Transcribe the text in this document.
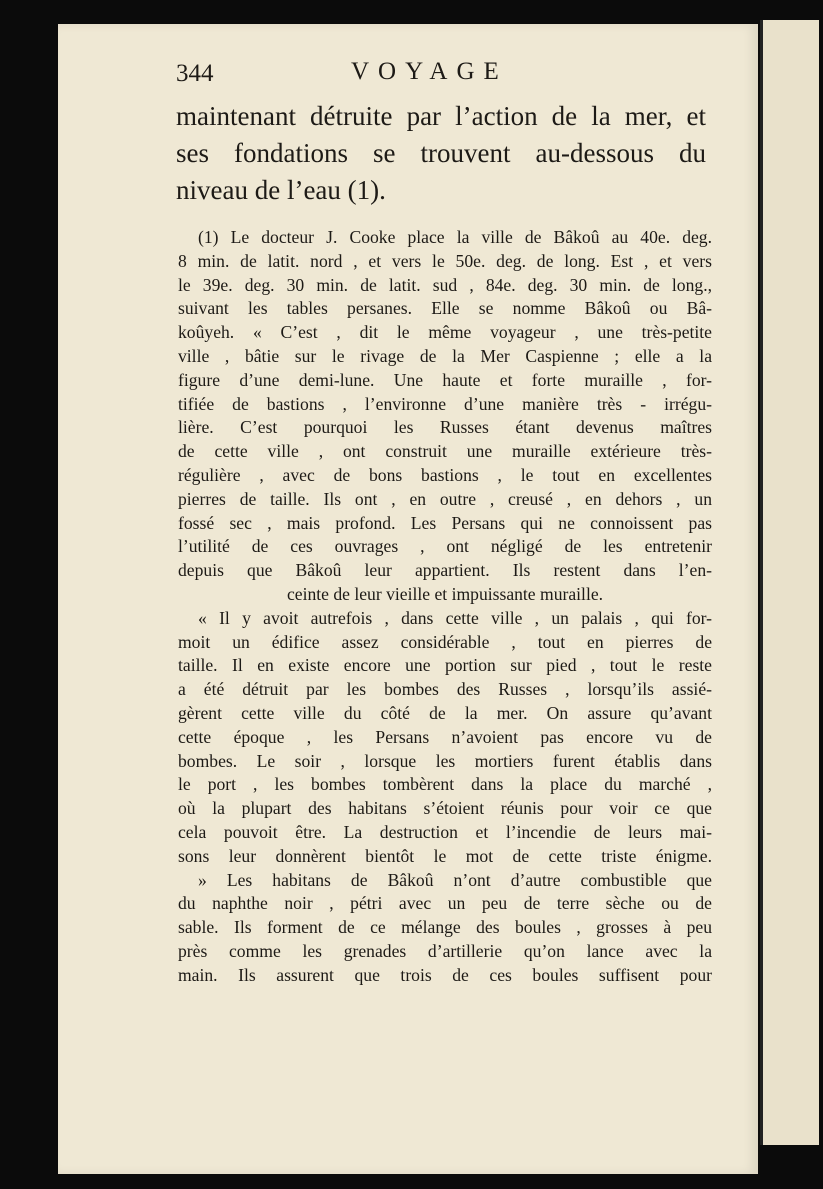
344	VOYAGE
maintenant détruite par l’action de la mer, et
ses fondations se trouvent au-dessous du
niveau de l’eau (1).
(1) Le docteur J. Cooke place la ville de Bâkoû au 40e. deg.
8 min. de latit. nord , et vers le 50e. deg. de long. Est , et vers
le 39e. deg. 30 min. de latit. sud , 84e. deg. 30 min. de long.,
suivant les tables persanes. Elle se nomme Bâkoû ou Bâ-
koûyeh. « C’est , dit le même voyageur , une très-petite
ville , bâtie sur le rivage de la Mer Caspienne ; elle a la
figure d’une demi-lune. Une haute et forte muraille , for-
tifiée de bastions , l’environne d’une manière très - irrégu-
lière. C’est pourquoi les Russes étant devenus maîtres
de cette ville , ont construit une muraille extérieure très-
régulière , avec de bons bastions , le tout en excellentes
pierres de taille. Ils ont , en outre , creusé , en dehors , un
fossé sec , mais profond. Les Persans qui ne connoissent pas
l’utilité de ces ouvrages , ont négligé de les entretenir
depuis que Bâkoû leur appartient. Ils restent dans l’en-
ceinte de leur vieille et impuissante muraille.
« Il y avoit autrefois , dans cette ville , un palais , qui for-
moit un édifice assez considérable , tout en pierres de
taille. Il en existe encore une portion sur pied , tout le reste
a été détruit par les bombes des Russes , lorsqu’ils assié-
gèrent cette ville du côté de la mer. On assure qu’avant
cette époque , les Persans n’avoient pas encore vu de
bombes. Le soir , lorsque les mortiers furent établis dans
le port , les bombes tombèrent dans la place du marché ,
où la plupart des habitans s’étoient réunis pour voir ce que
cela pouvoit être. La destruction et l’incendie de leurs mai-
sons leur donnèrent bientôt le mot de cette triste énigme.
» Les habitans de Bâkoû n’ont d’autre combustible que
du naphthe noir , pétri avec un peu de terre sèche ou de
sable. Ils forment de ce mélange des boules , grosses à peu
près comme les grenades d’artillerie qu’on lance avec la
main. Ils assurent que trois de ces boules suffisent pour
